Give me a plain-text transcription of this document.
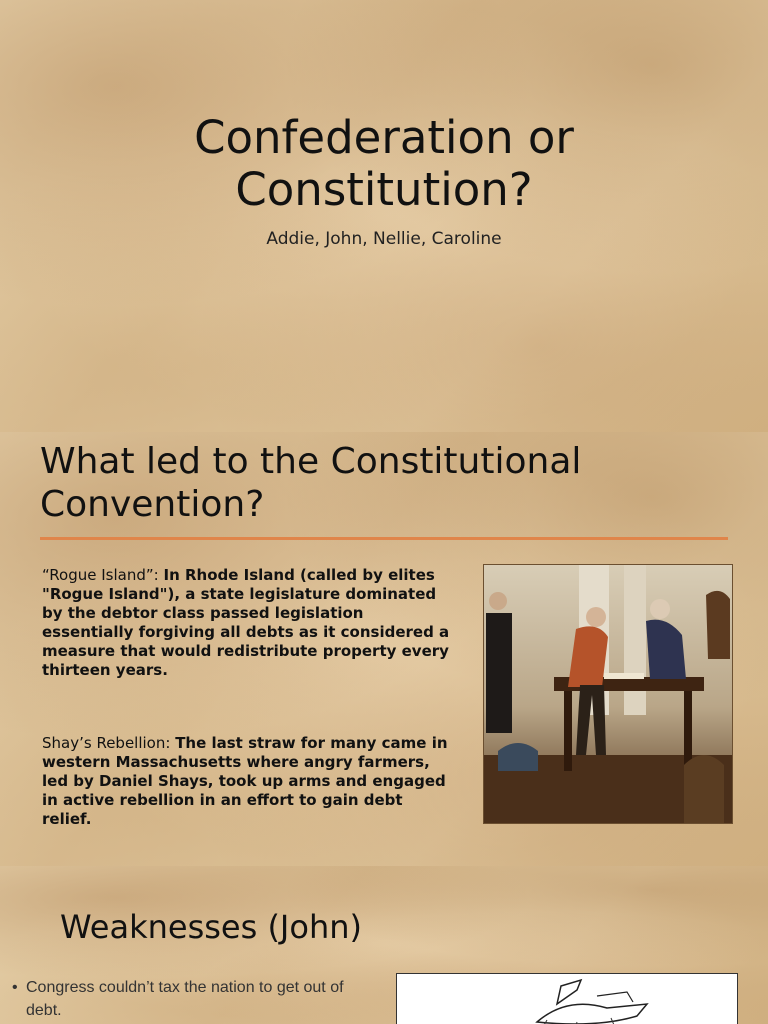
Confederation or
Constitution?
Addie, John, Nellie, Caroline
What led to the Constitutional
Convention?
“Rogue Island”: In Rhode Island (called by elites "Rogue Island"), a state legislature dominated by the debtor class passed legislation essentially forgiving all debts as it considered a measure that would redistribute property every thirteen years.
Shay’s Rebellion: The last straw for many came in western Massachusetts where angry farmers, led by Daniel Shays, took up arms and engaged in active rebellion in an effort to gain debt relief.
Weaknesses (John)
• Congress couldn’t tax the nation to get out of debt.
